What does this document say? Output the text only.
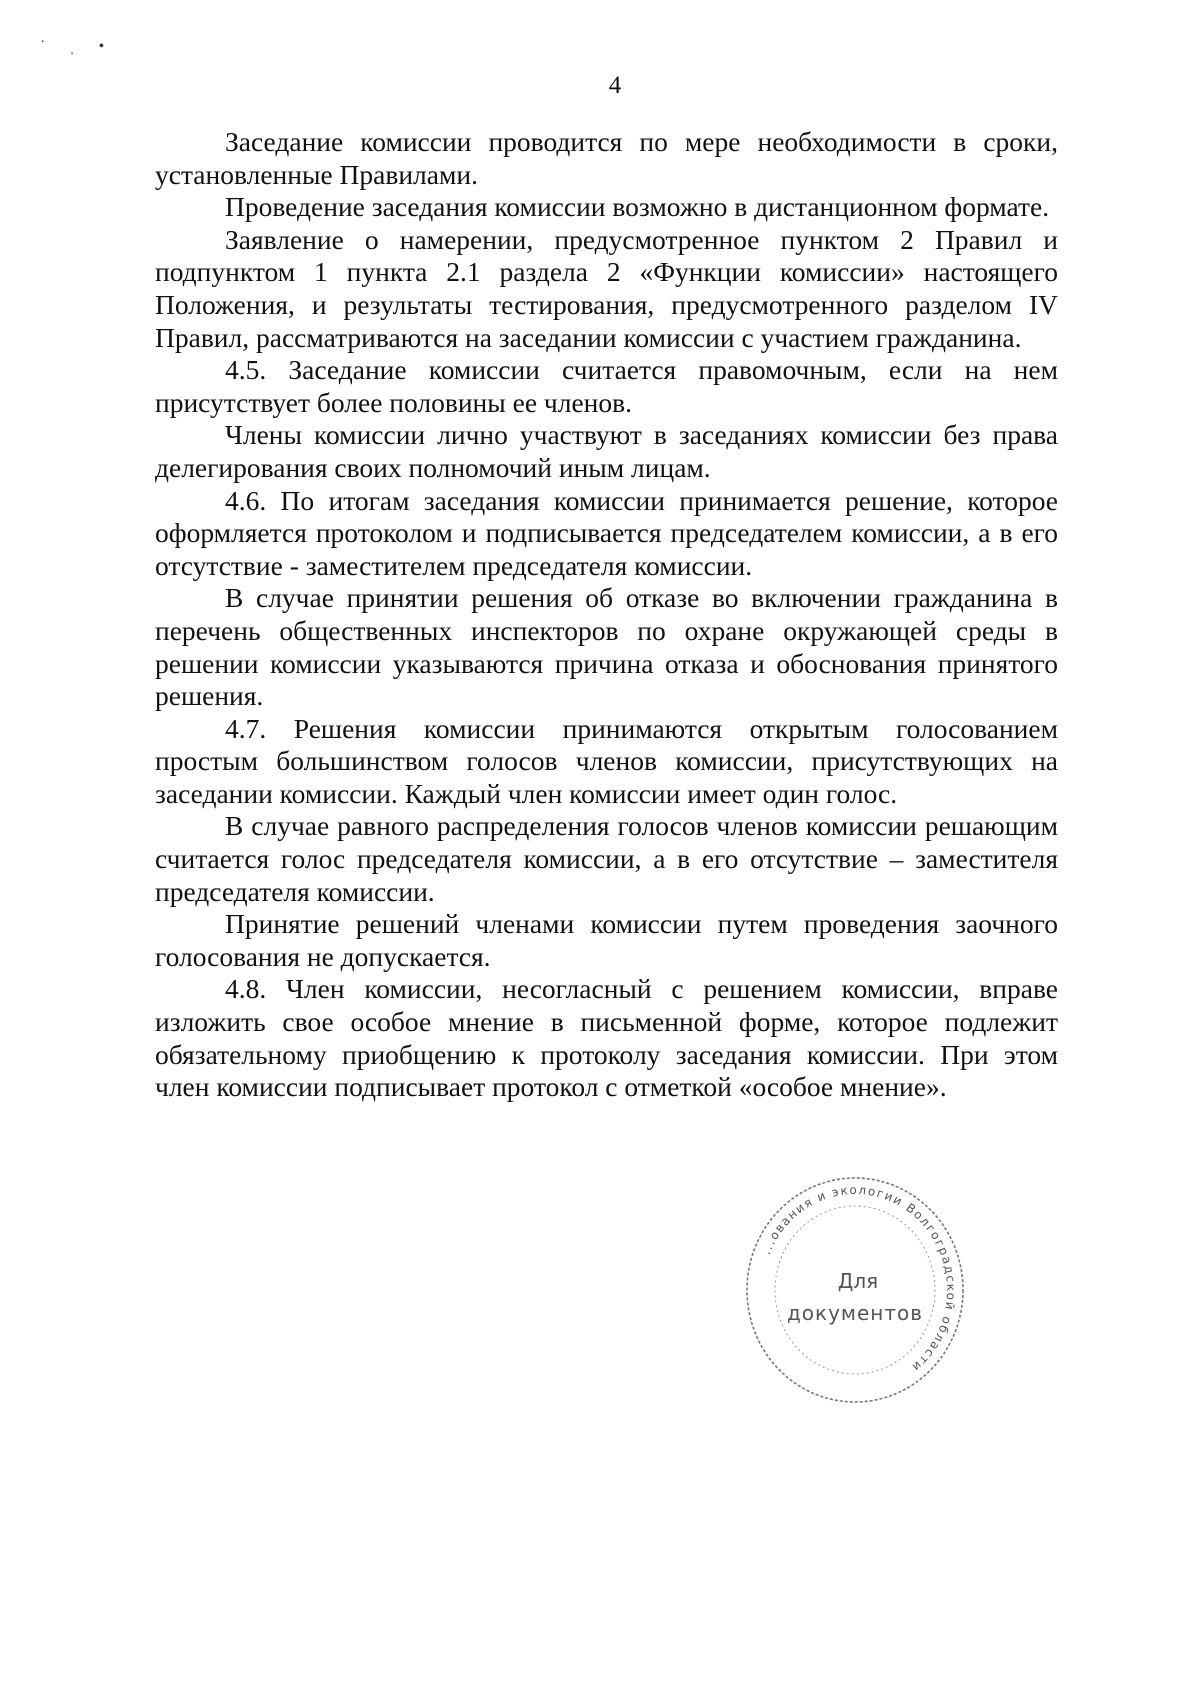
˙ ˌ •
4

Заседание комиссии проводится по мере необходимости в сроки, установленные Правилами.

Проведение заседания комиссии возможно в дистанционном формате.

Заявление о намерении, предусмотренное пунктом 2 Правил и подпунктом 1 пункта 2.1 раздела 2 «Функции комиссии» настоящего Положения, и результаты тестирования, предусмотренного разделом IV Правил, рассматриваются на заседании комиссии с участием гражданина.

4.5. Заседание комиссии считается правомочным, если на нем присутствует более половины ее членов.

Члены комиссии лично участвуют в заседаниях комиссии без права делегирования своих полномочий иным лицам.

4.6. По итогам заседания комиссии принимается решение, которое оформляется протоколом и подписывается председателем комиссии, а в его отсутствие - заместителем председателя комиссии.

В случае принятии решения об отказе во включении гражданина в перечень общественных инспекторов по охране окружающей среды в решении комиссии указываются причина отказа и обоснования принятого решения.

4.7. Решения комиссии принимаются открытым голосованием простым большинством голосов членов комиссии, присутствующих на заседании комиссии. Каждый член комиссии имеет один голос.

В случае равного распределения голосов членов комиссии решающим считается голос председателя комиссии, а в его отсутствие – заместителя председателя комиссии.

Принятие решений членами комиссии путем проведения заочного голосования не допускается.

4.8. Член комиссии, несогласный с решением комиссии, вправе изложить свое особое мнение в письменной форме, которое подлежит обязательному приобщению к протоколу заседания комиссии. При этом член комиссии подписывает протокол с отметкой «особое мнение».

...ования и экологии Волгоградской области
Для
документов
